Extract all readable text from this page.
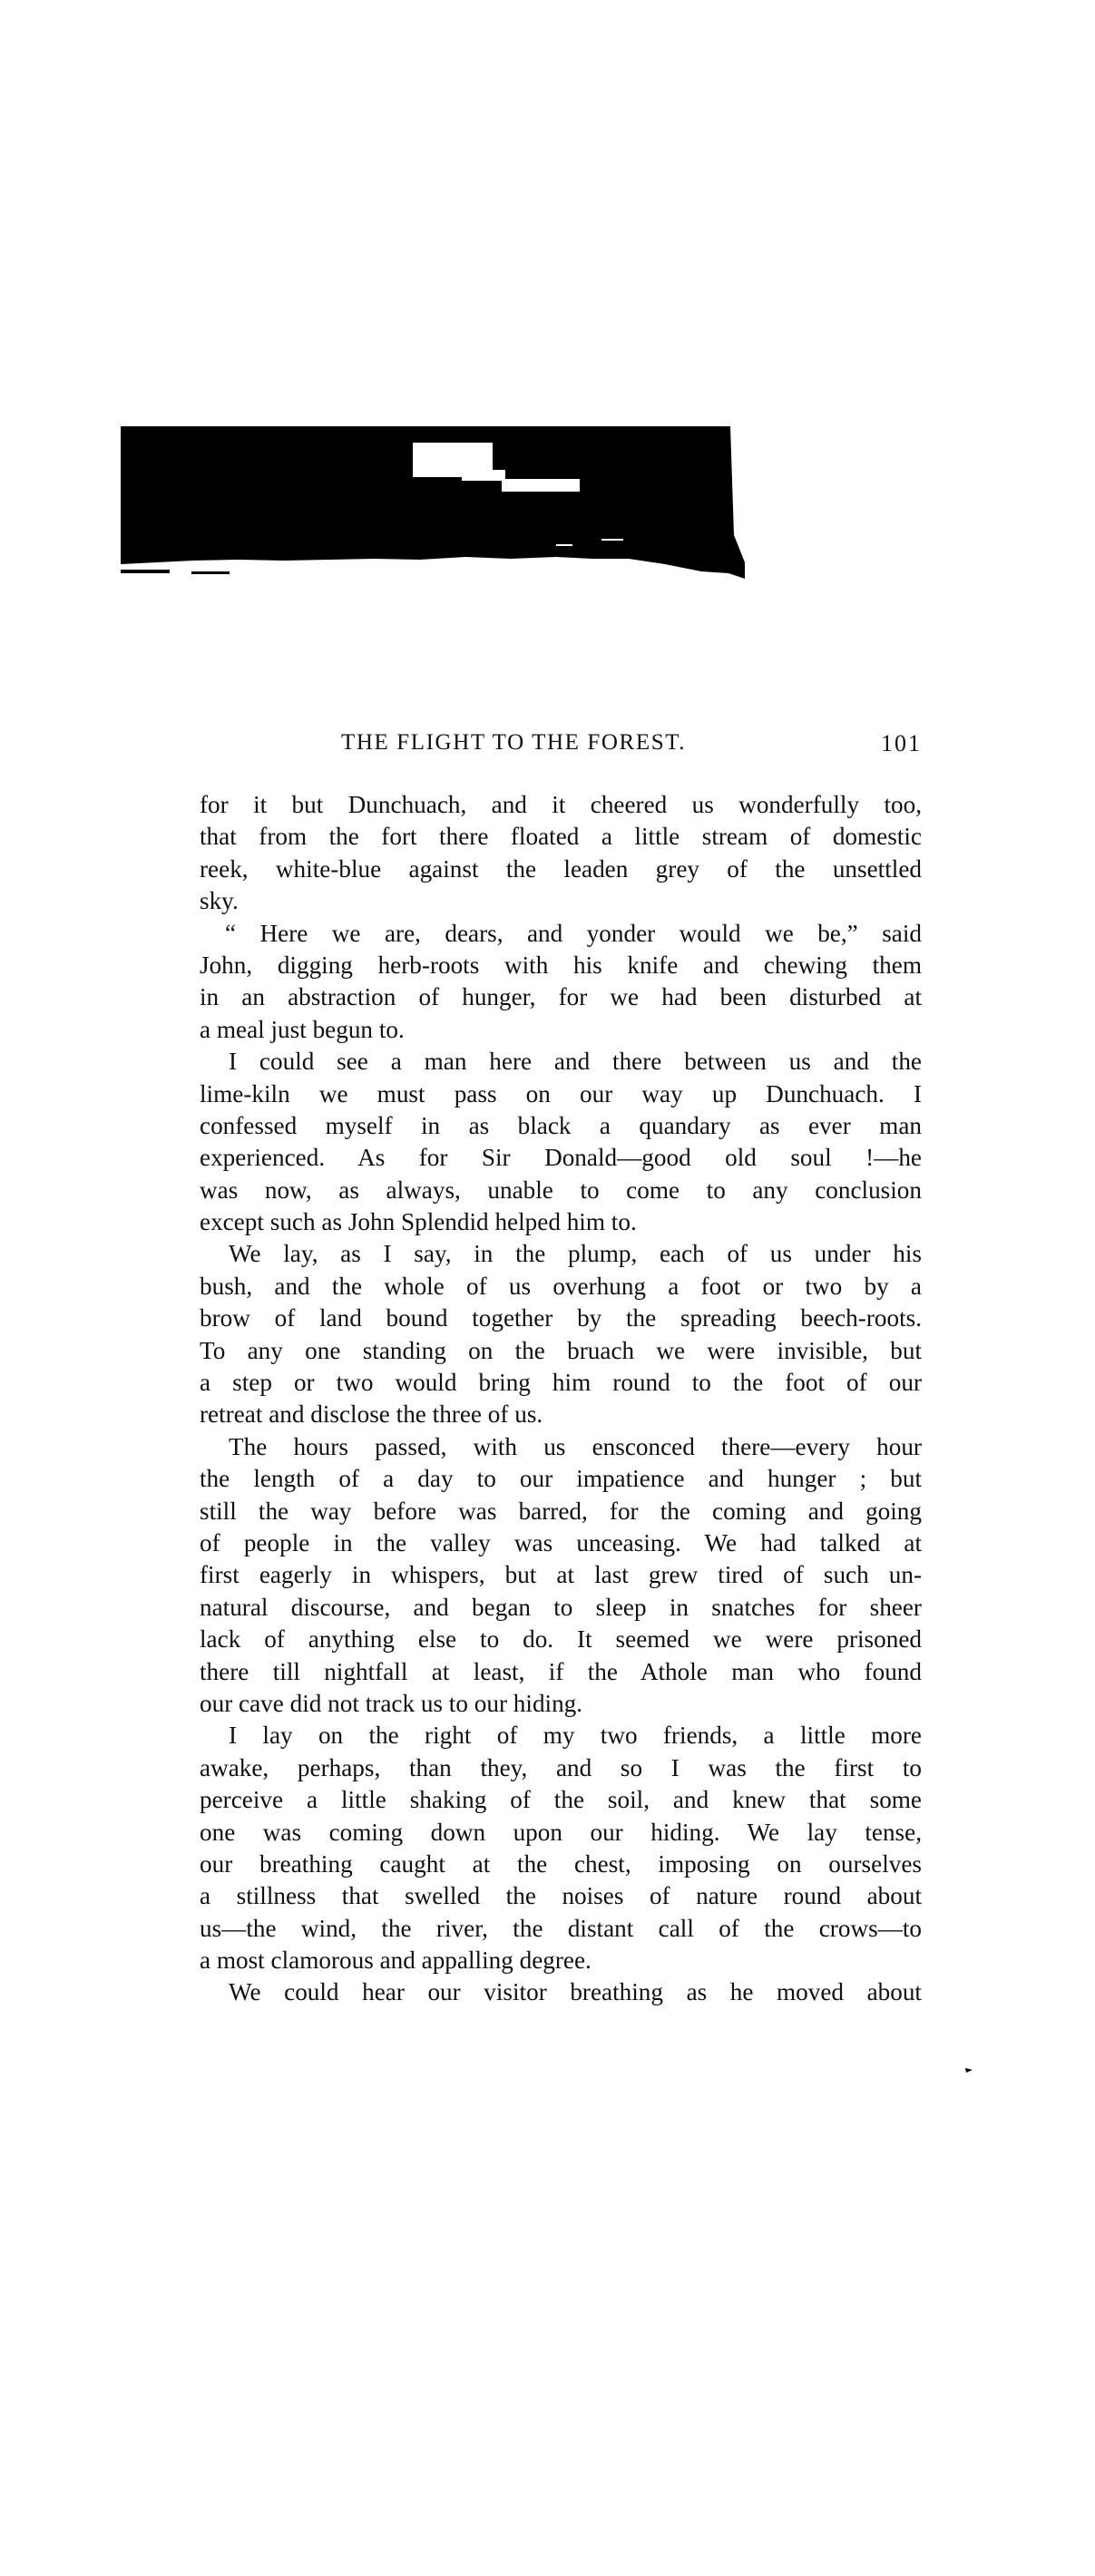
THE FLIGHT TO THE FOREST.	101
for it but Dunchuach, and it cheered us wonderfully too,
that from the fort there floated a little stream of domestic
reek, white-blue against the leaden grey of the unsettled
sky.
“ Here we are, dears, and yonder would we be,” said
John, digging herb-roots with his knife and chewing them
in an abstraction of hunger, for we had been disturbed at
a meal just begun to.
I could see a man here and there between us and the
lime-kiln we must pass on our way up Dunchuach. I
confessed myself in as black a quandary as ever man
experienced. As for Sir Donald—good old soul !—he
was now, as always, unable to come to any conclusion
except such as John Splendid helped him to.
We lay, as I say, in the plump, each of us under his
bush, and the whole of us overhung a foot or two by a
brow of land bound together by the spreading beech-roots.
To any one standing on the bruach we were invisible, but
a step or two would bring him round to the foot of our
retreat and disclose the three of us.
The hours passed, with us ensconced there—every hour
the length of a day to our impatience and hunger ; but
still the way before was barred, for the coming and going
of people in the valley was unceasing. We had talked at
first eagerly in whispers, but at last grew tired of such un-
natural discourse, and began to sleep in snatches for sheer
lack of anything else to do. It seemed we were prisoned
there till nightfall at least, if the Athole man who found
our cave did not track us to our hiding.
I lay on the right of my two friends, a little more
awake, perhaps, than they, and so I was the first to
perceive a little shaking of the soil, and knew that some
one was coming down upon our hiding. We lay tense,
our breathing caught at the chest, imposing on ourselves
a stillness that swelled the noises of nature round about
us—the wind, the river, the distant call of the crows—to
a most clamorous and appalling degree.
We could hear our visitor breathing as he moved about
